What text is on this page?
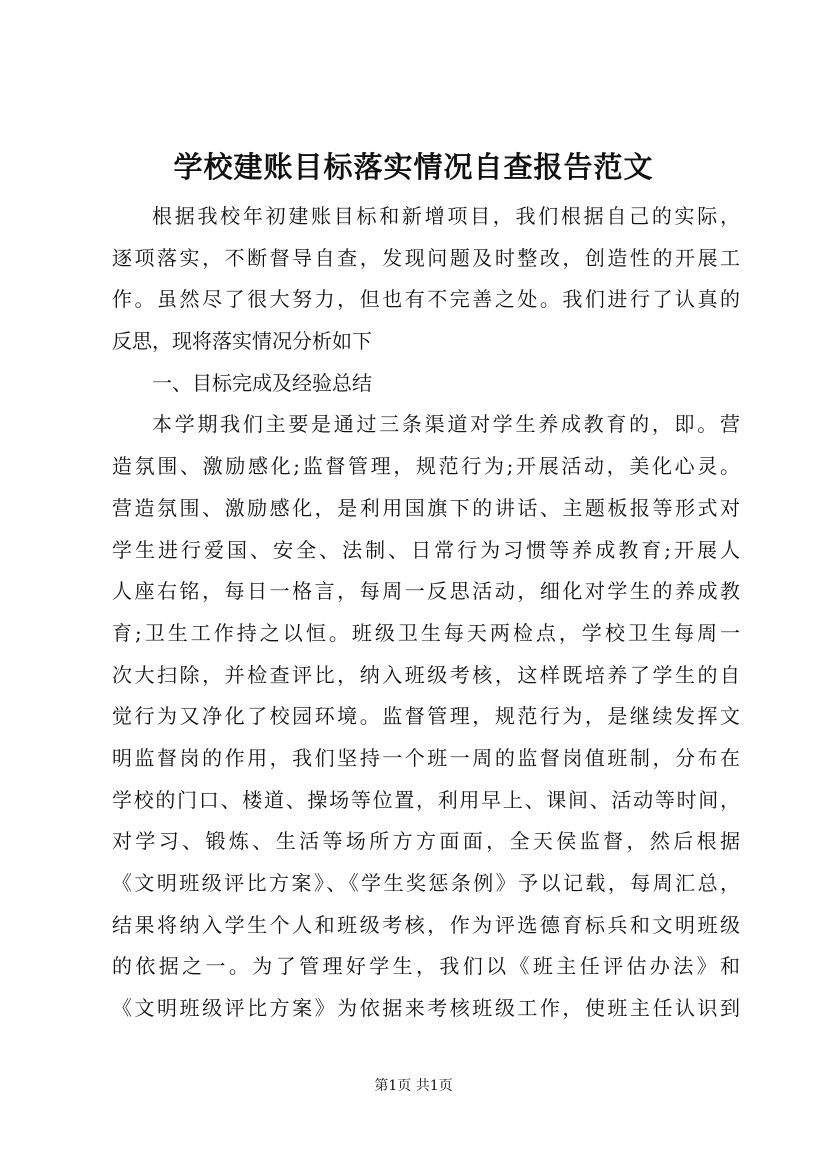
学校建账目标落实情况自查报告范文
根据我校年初建账目标和新增项目，我们根据自己的实际，
逐项落实，不断督导自查，发现问题及时整改，创造性的开展工
作。虽然尽了很大努力，但也有不完善之处。我们进行了认真的
反思，现将落实情况分析如下
一、目标完成及经验总结
本学期我们主要是通过三条渠道对学生养成教育的，即。营
造氛围、激励感化;监督管理，规范行为;开展活动，美化心灵。
营造氛围、激励感化，是利用国旗下的讲话、主题板报等形式对
学生进行爱国、安全、法制、日常行为习惯等养成教育;开展人
人座右铭，每日一格言，每周一反思活动，细化对学生的养成教
育;卫生工作持之以恒。班级卫生每天两检点，学校卫生每周一
次大扫除，并检查评比，纳入班级考核，这样既培养了学生的自
觉行为又净化了校园环境。监督管理，规范行为，是继续发挥文
明监督岗的作用，我们坚持一个班一周的监督岗值班制，分布在
学校的门口、楼道、操场等位置，利用早上、课间、活动等时间，
对学习、锻炼、生活等场所方方面面，全天侯监督，然后根据
《文明班级评比方案》、《学生奖惩条例》予以记载，每周汇总，
结果将纳入学生个人和班级考核，作为评选德育标兵和文明班级
的依据之一。为了管理好学生，我们以《班主任评估办法》和
《文明班级评比方案》为依据来考核班级工作，使班主任认识到
第1页 共1页
